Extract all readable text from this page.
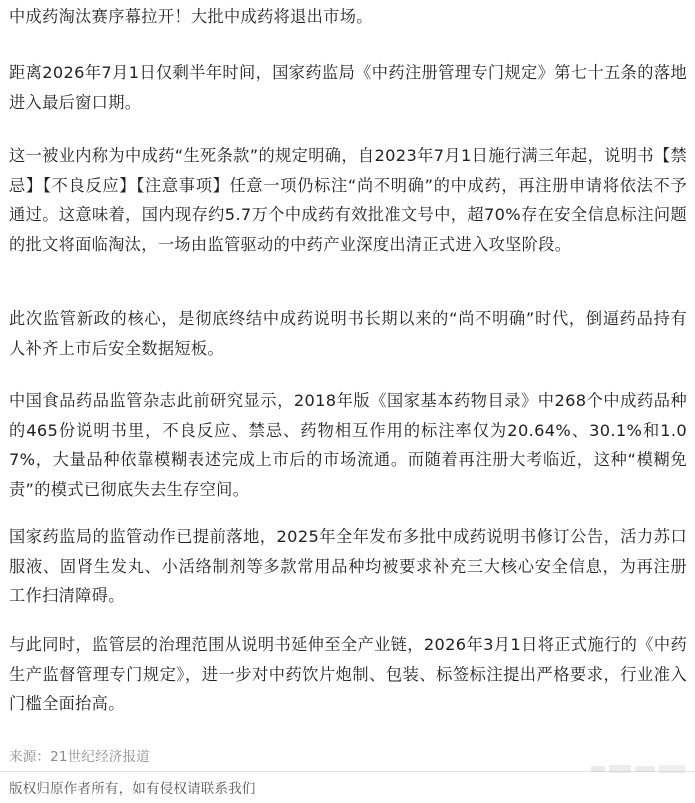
中成药淘汰赛序幕拉开！大批中成药将退出市场。

距离2026年7月1日仅剩半年时间，国家药监局《中药注册管理专门规定》第七十五条的落地进入最后窗口期。

这一被业内称为中成药“生死条款”的规定明确，自2023年7月1日施行满三年起，说明书【禁忌】【不良反应】【注意事项】任意一项仍标注“尚不明确”的中成药，再注册申请将依法不予通过。这意味着，国内现存约5.7万个中成药有效批准文号中，超70%存在安全信息标注问题的批文将面临淘汰，一场由监管驱动的中药产业深度出清正式进入攻坚阶段。

此次监管新政的核心，是彻底终结中成药说明书长期以来的“尚不明确”时代，倒逼药品持有人补齐上市后安全数据短板。

中国食品药品监管杂志此前研究显示，2018年版《国家基本药物目录》中268个中成药品种的465份说明书里，不良反应、禁忌、药物相互作用的标注率仅为20.64%、30.1%和1.07%，大量品种依靠模糊表述完成上市后的市场流通。而随着再注册大考临近，这种“模糊免责”的模式已彻底失去生存空间。

国家药监局的监管动作已提前落地，2025年全年发布多批中成药说明书修订公告，活力苏口服液、固肾生发丸、小活络制剂等多款常用品种均被要求补充三大核心安全信息，为再注册工作扫清障碍。

与此同时，监管层的治理范围从说明书延伸至全产业链，2026年3月1日将正式施行的《中药生产监督管理专门规定》，进一步对中药饮片炮制、包装、标签标注提出严格要求，行业准入门槛全面抬高。

来源：21世纪经济报道
版权归原作者所有，如有侵权请联系我们
